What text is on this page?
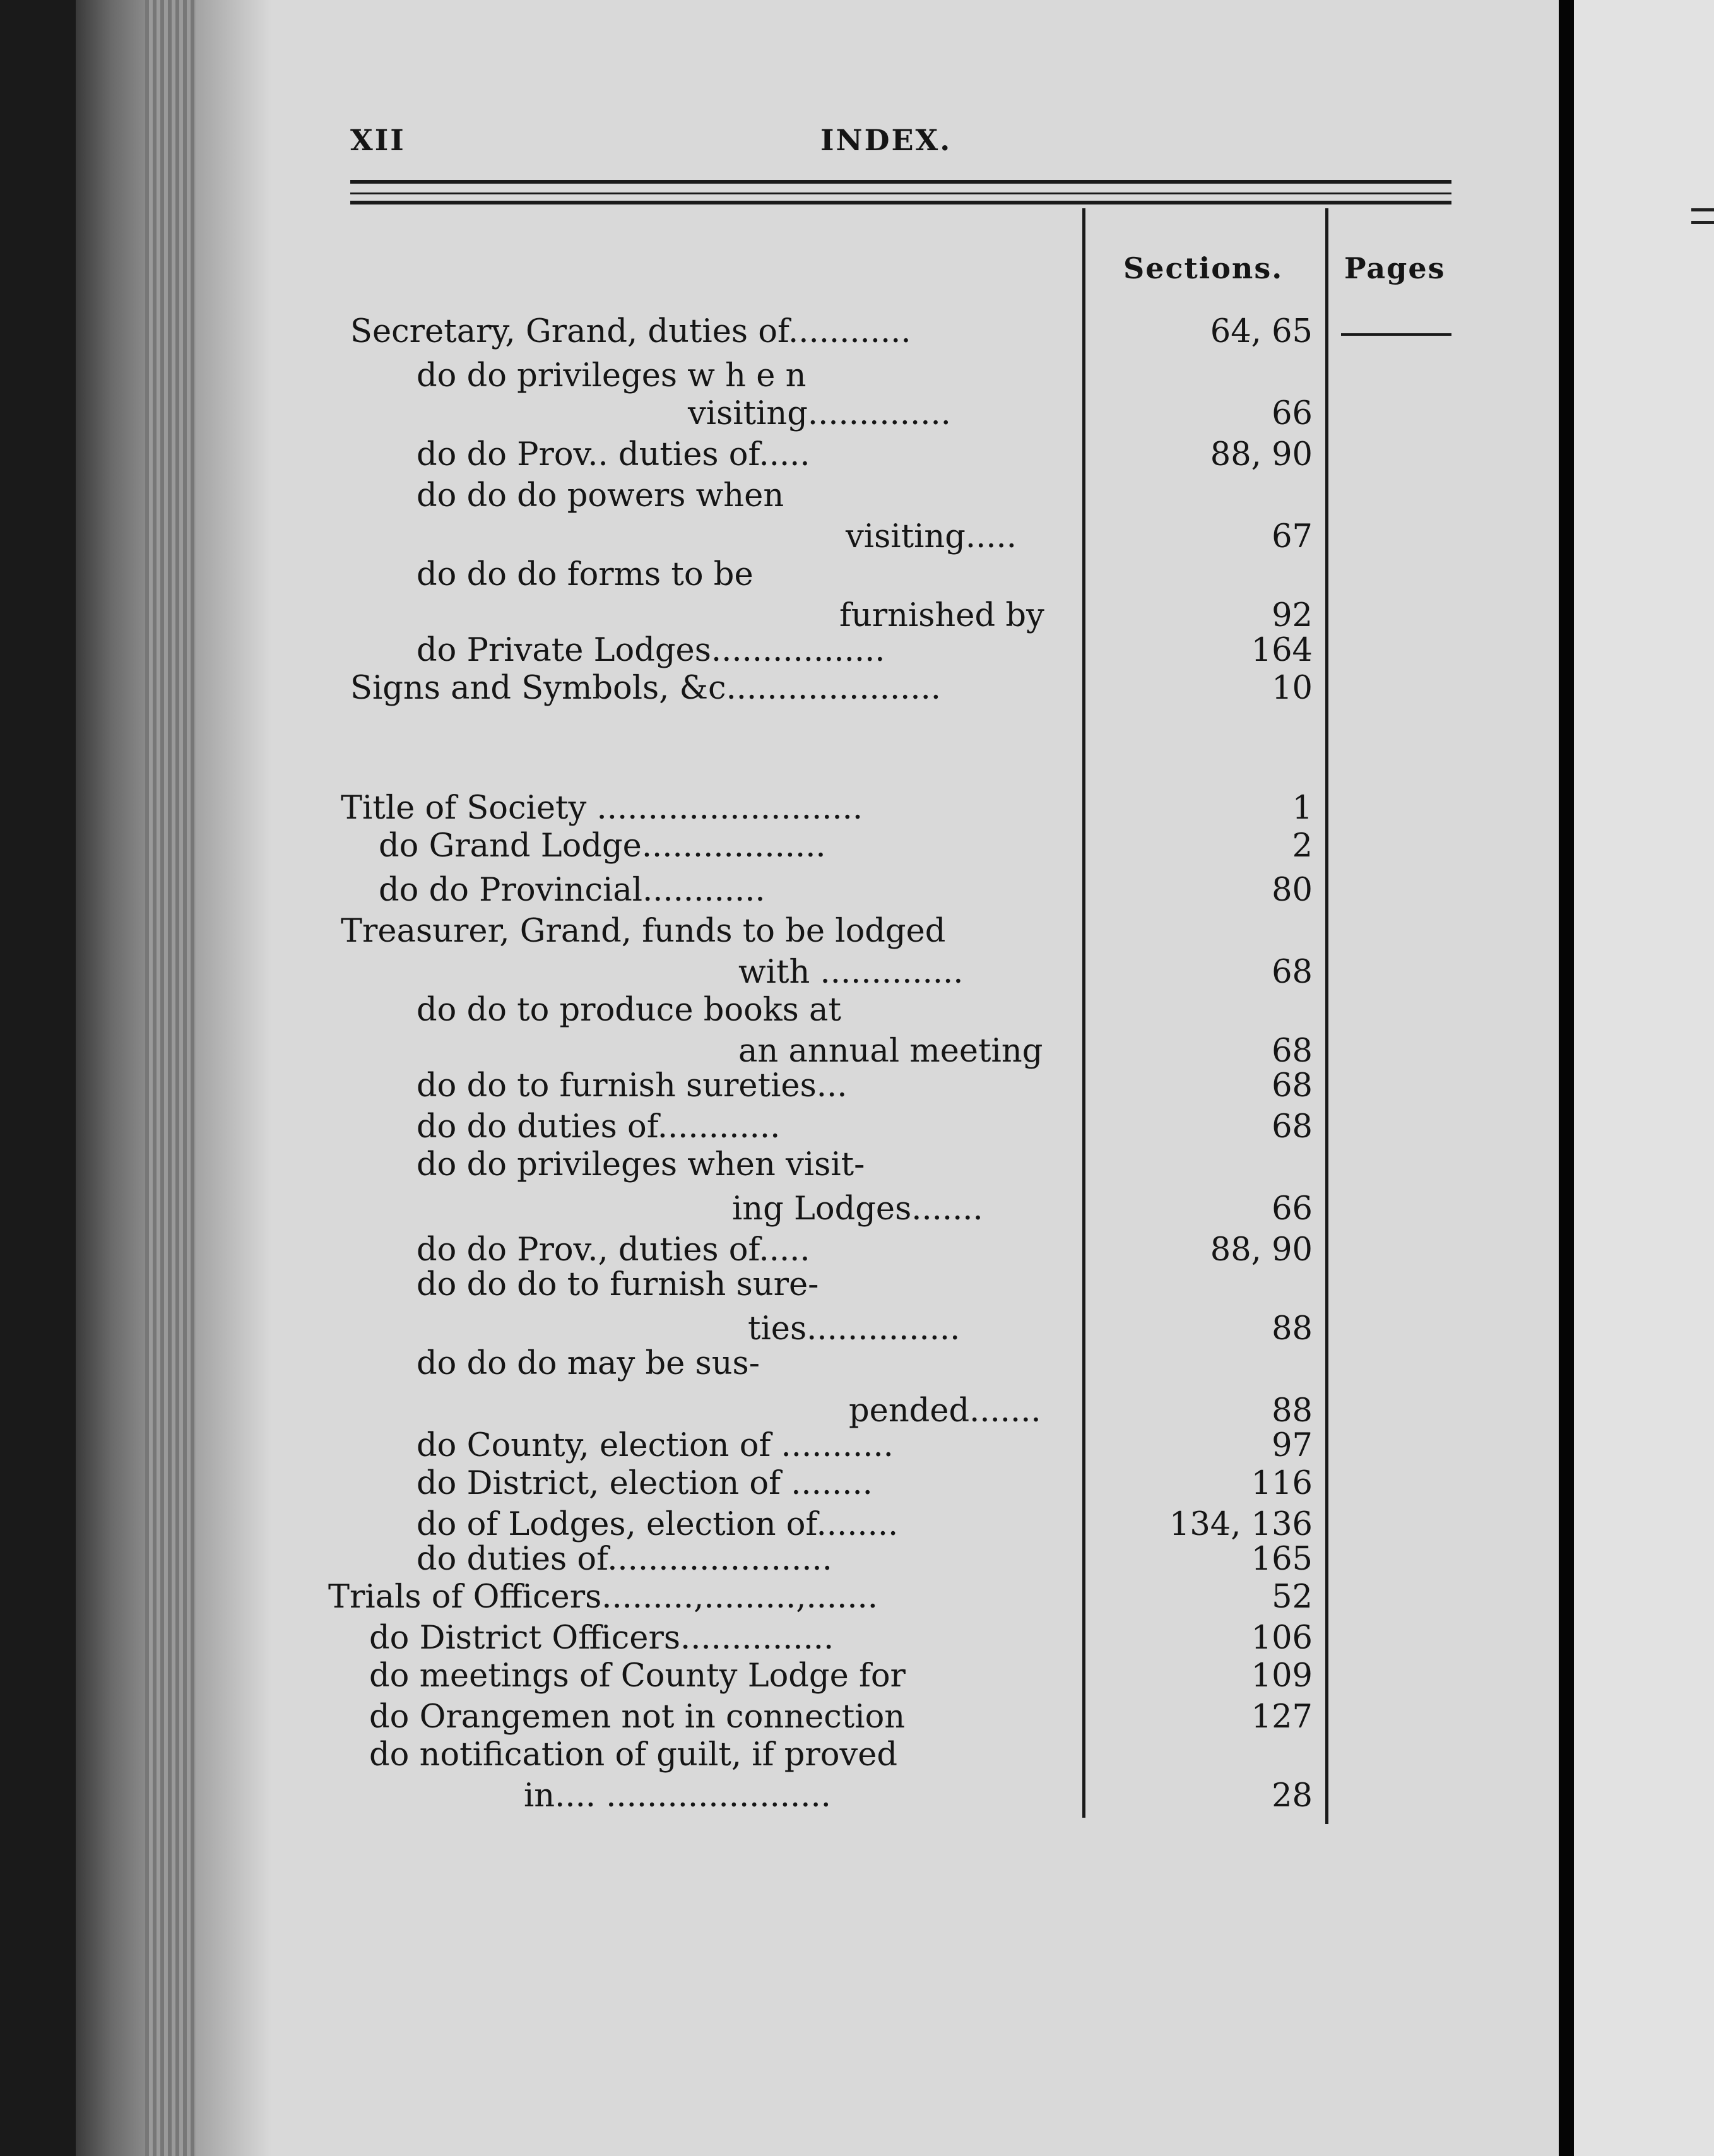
XII	INDEX.
Sections. Pages
Secretary, Grand, duties of............	64, 65
do do privileges w h e n
visiting..............	66
do do Prov.. duties of.....	88, 90
do do do powers when
visiting.....	67
do do do forms to be
furnished by	92
do Private Lodges.................	164
Signs and Symbols, &c.....................	10
Title of Society ..........................	1
do Grand Lodge..................	2
do do Provincial............	80
Treasurer, Grand, funds to be lodged
with ..............	68
do do to produce books at
an annual meeting	68
do do to furnish sureties...	68
do do duties of............	68
do do privileges when visit-
ing Lodges.......	66
do do Prov., duties of.....	88, 90
do do do to furnish sure-
ties...............	88
do do do may be sus-
pended.......	88
do County, election of ...........	97
do District, election of ........	116
do of Lodges, election of........	134, 136
do duties of......................	165
Trials of Officers.........,.........,.......	52
do District Officers...............	106
do meetings of County Lodge for	109
do Orangemen not in connection	127
do notification of guilt, if proved
in.... ......................	28
